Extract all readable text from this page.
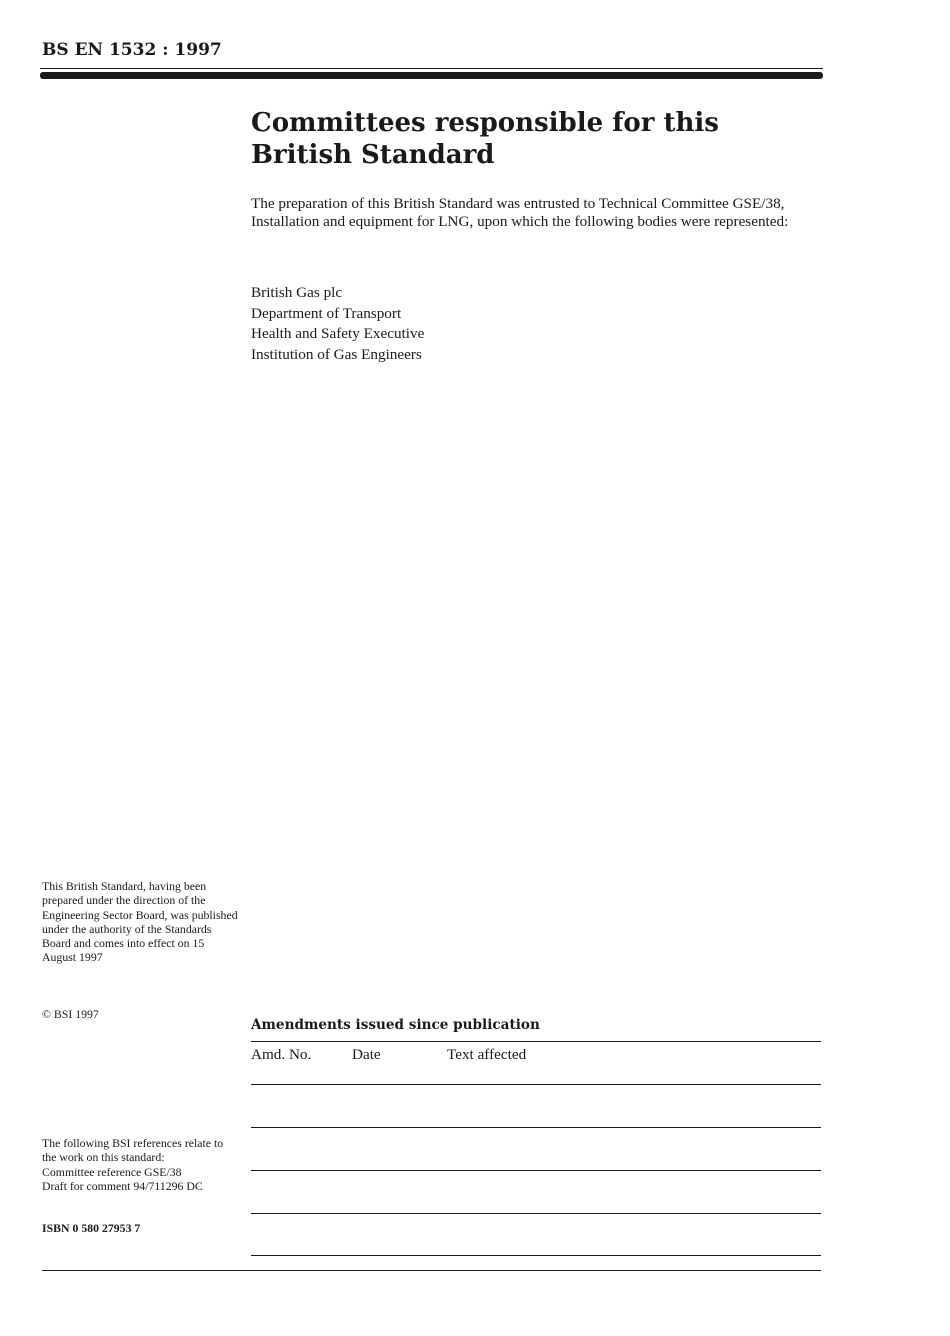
BS EN 1532 : 1997

Committees responsible for this
British Standard

The preparation of this British Standard was entrusted to Technical Committee GSE/38, Installation and equipment for LNG, upon which the following bodies were represented:

British Gas plc
Department of Transport
Health and Safety Executive
Institution of Gas Engineers

This British Standard, having been prepared under the direction of the Engineering Sector Board, was published under the authority of the Standards Board and comes into effect on 15 August 1997

© BSI 1997

The following BSI references relate to the work on this standard:
Committee reference GSE/38
Draft for comment 94/711296 DC

ISBN 0 580 27953 7

Amendments issued since publication
Amd. No.	Date	Text affected
